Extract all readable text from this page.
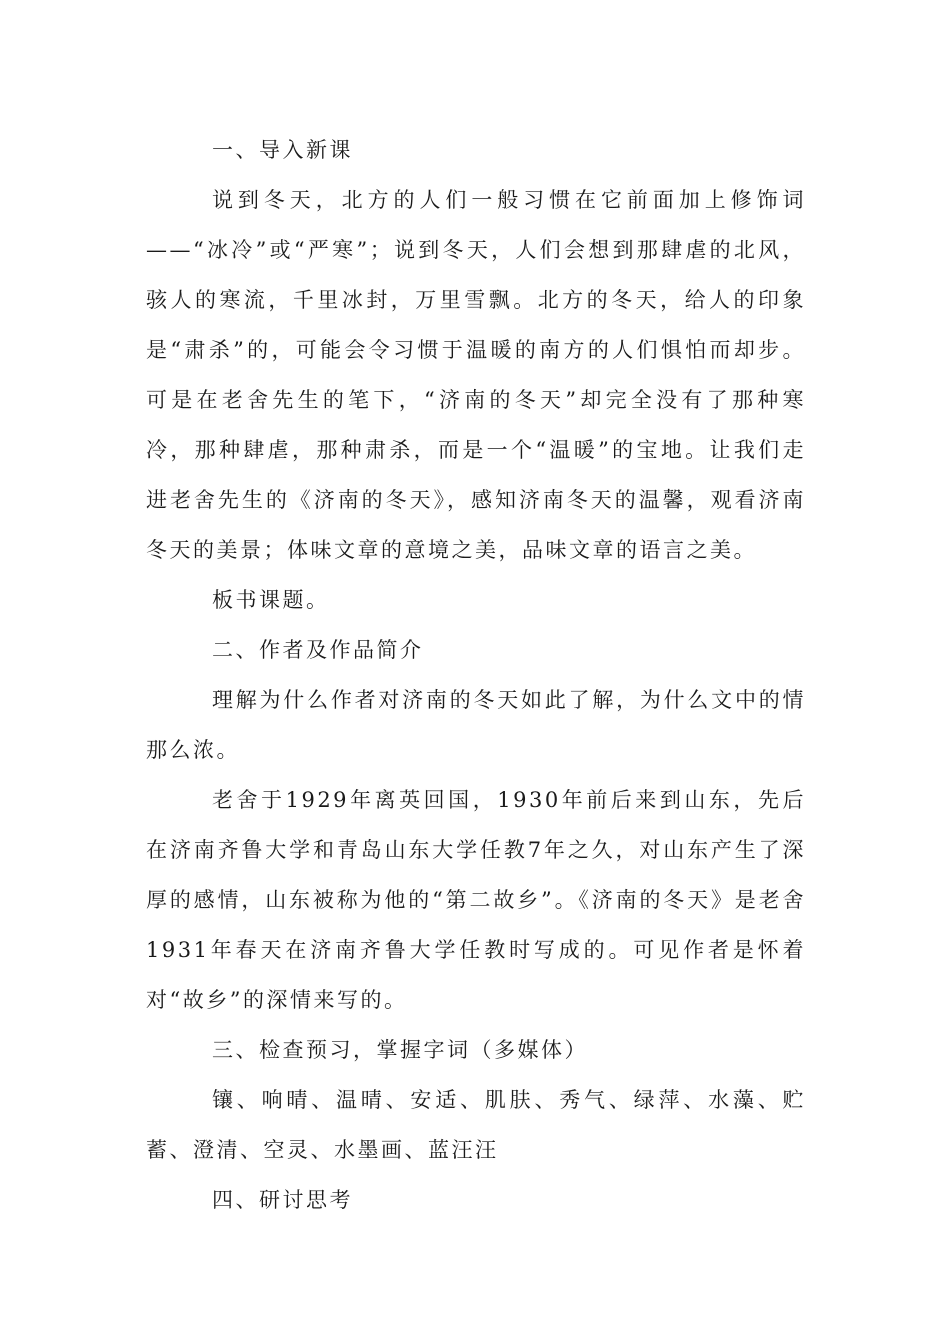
一、导入新课

说到冬天，北方的人们一般习惯在它前面加上修饰词——“冰冷”或“严寒”；说到冬天，人们会想到那肆虐的北风，骇人的寒流，千里冰封，万里雪飘。北方的冬天，给人的印象是“肃杀”的，可能会令习惯于温暖的南方的人们惧怕而却步。可是在老舍先生的笔下，“济南的冬天”却完全没有了那种寒冷，那种肆虐，那种肃杀，而是一个“温暖”的宝地。让我们走进老舍先生的《济南的冬天》，感知济南冬天的温馨，观看济南冬天的美景；体味文章的意境之美，品味文章的语言之美。

板书课题。

二、作者及作品简介

理解为什么作者对济南的冬天如此了解，为什么文中的情那么浓。

老舍于1929年离英回国，1930年前后来到山东，先后在济南齐鲁大学和青岛山东大学任教7年之久，对山东产生了深厚的感情，山东被称为他的“第二故乡”。《济南的冬天》是老舍1931年春天在济南齐鲁大学任教时写成的。可见作者是怀着对“故乡”的深情来写的。

三、检查预习，掌握字词（多媒体）

镶、响晴、温晴、安适、肌肤、秀气、绿萍、水藻、贮蓄、澄清、空灵、水墨画、蓝汪汪

四、研讨思考
